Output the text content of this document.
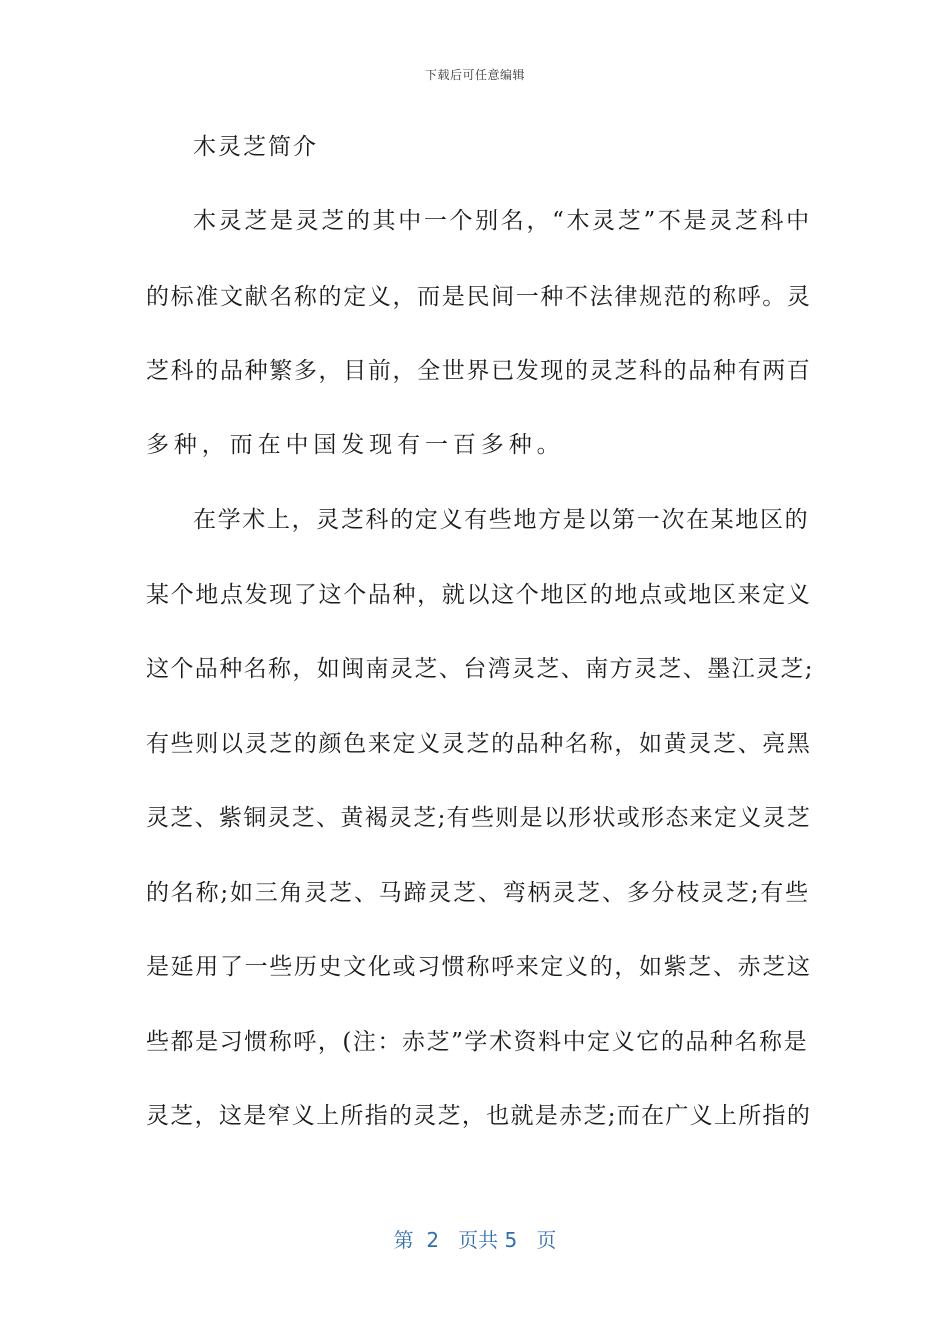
下载后可任意编辑
木灵芝简介
木灵芝是灵芝的其中一个别名，“木灵芝”不是灵芝科中
的标准文献名称的定义，而是民间一种不法律规范的称呼。灵
芝科的品种繁多，目前，全世界已发现的灵芝科的品种有两百
多种，而在中国发现有一百多种。
在学术上，灵芝科的定义有些地方是以第一次在某地区的
某个地点发现了这个品种，就以这个地区的地点或地区来定义
这个品种名称，如闽南灵芝、台湾灵芝、南方灵芝、墨江灵芝;
有些则以灵芝的颜色来定义灵芝的品种名称，如黄灵芝、亮黑
灵芝、紫铜灵芝、黄褐灵芝;有些则是以形状或形态来定义灵芝
的名称;如三角灵芝、马蹄灵芝、弯柄灵芝、多分枝灵芝;有些
是延用了一些历史文化或习惯称呼来定义的，如紫芝、赤芝这
些都是习惯称呼，(注：赤芝”学术资料中定义它的品种名称是
灵芝，这是窄义上所指的灵芝，也就是赤芝;而在广义上所指的
第  2   页共 5   页
